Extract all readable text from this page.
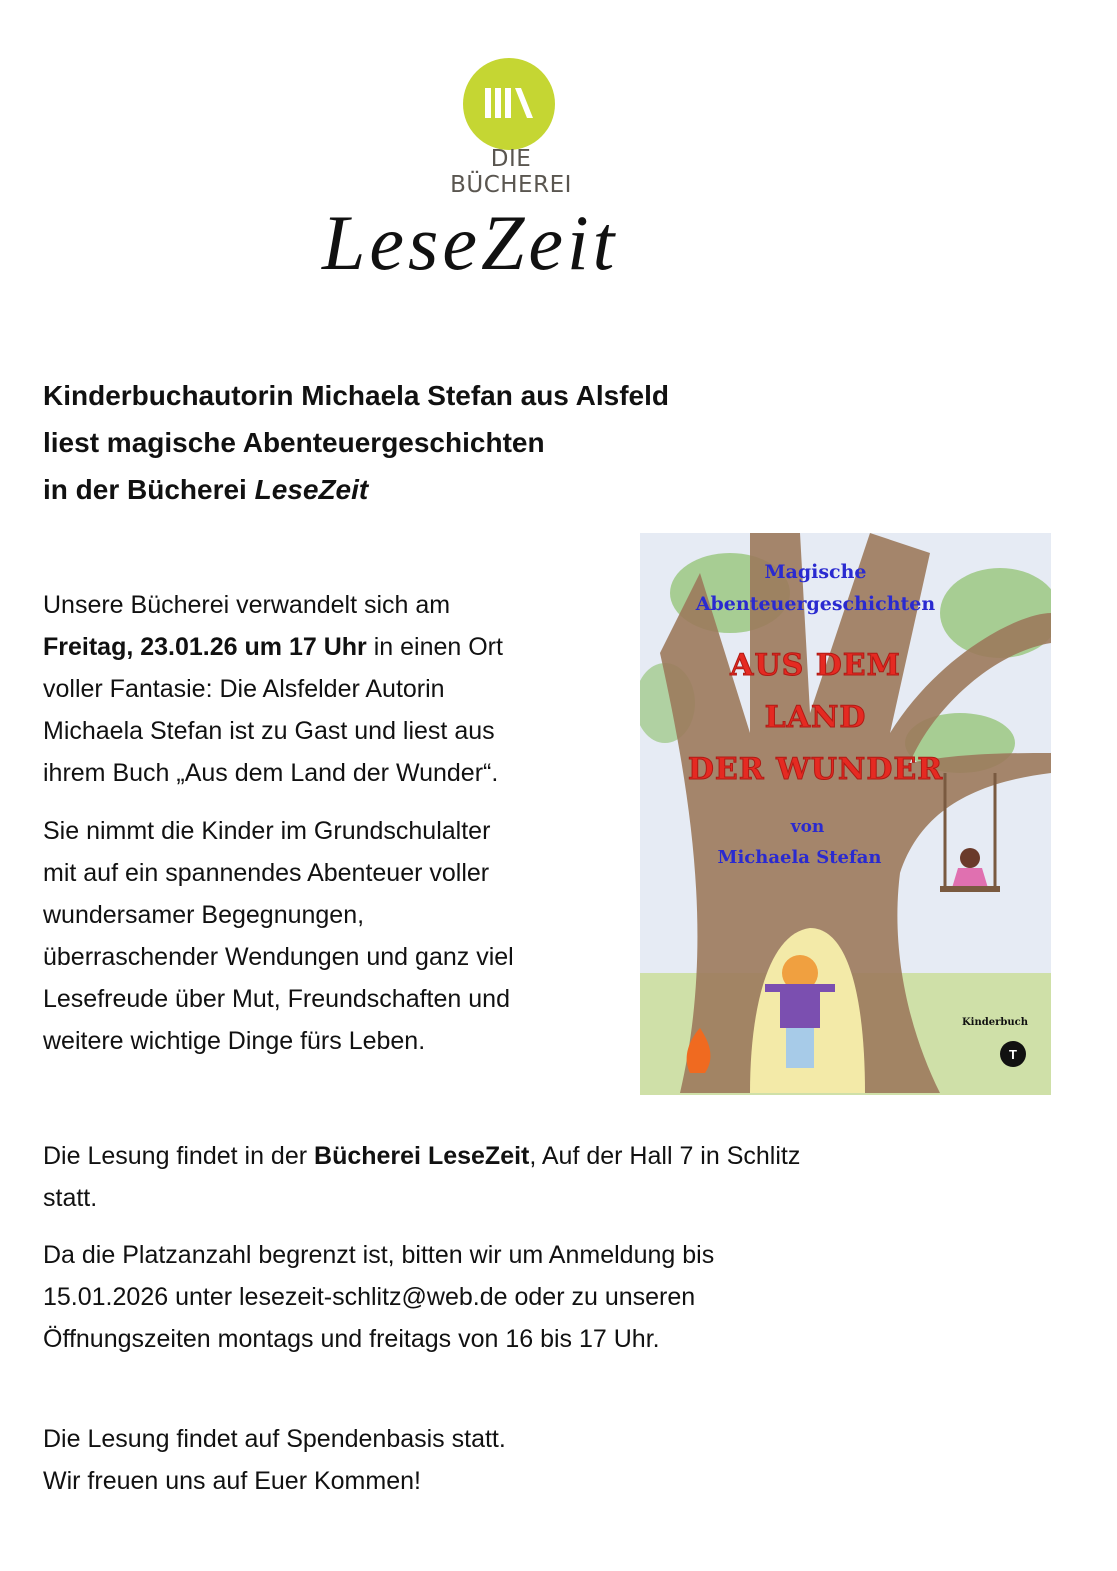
DIE BÜCHEREI
LeseZeit
Kinderbuchautorin Michaela Stefan aus Alsfeld
liest magische Abenteuergeschichten
in der Bücherei LeseZeit
Unsere Bücherei verwandelt sich am
Freitag, 23.01.26 um 17 Uhr in einen Ort
voller Fantasie: Die Alsfelder Autorin
Michaela Stefan ist zu Gast und liest aus
ihrem Buch „Aus dem Land der Wunder“.
Sie nimmt die Kinder im Grundschulalter
mit auf ein spannendes Abenteuer voller
wundersamer Begegnungen,
überraschender Wendungen und ganz viel
Lesefreude über Mut, Freundschaften und
weitere wichtige Dinge fürs Leben.	T
Magische
Abenteuergeschichten
AUS DEM
LAND
DER WUNDER
von
Michaela Stefan
Kinderbuch
Die Lesung findet in der Bücherei LeseZeit, Auf der Hall 7 in Schlitz
statt.
Da die Platzanzahl begrenzt ist, bitten wir um Anmeldung bis
15.01.2026 unter lesezeit-schlitz@web.de oder zu unseren
Öffnungszeiten montags und freitags von 16 bis 17 Uhr.
Die Lesung findet auf Spendenbasis statt.
Wir freuen uns auf Euer Kommen!
